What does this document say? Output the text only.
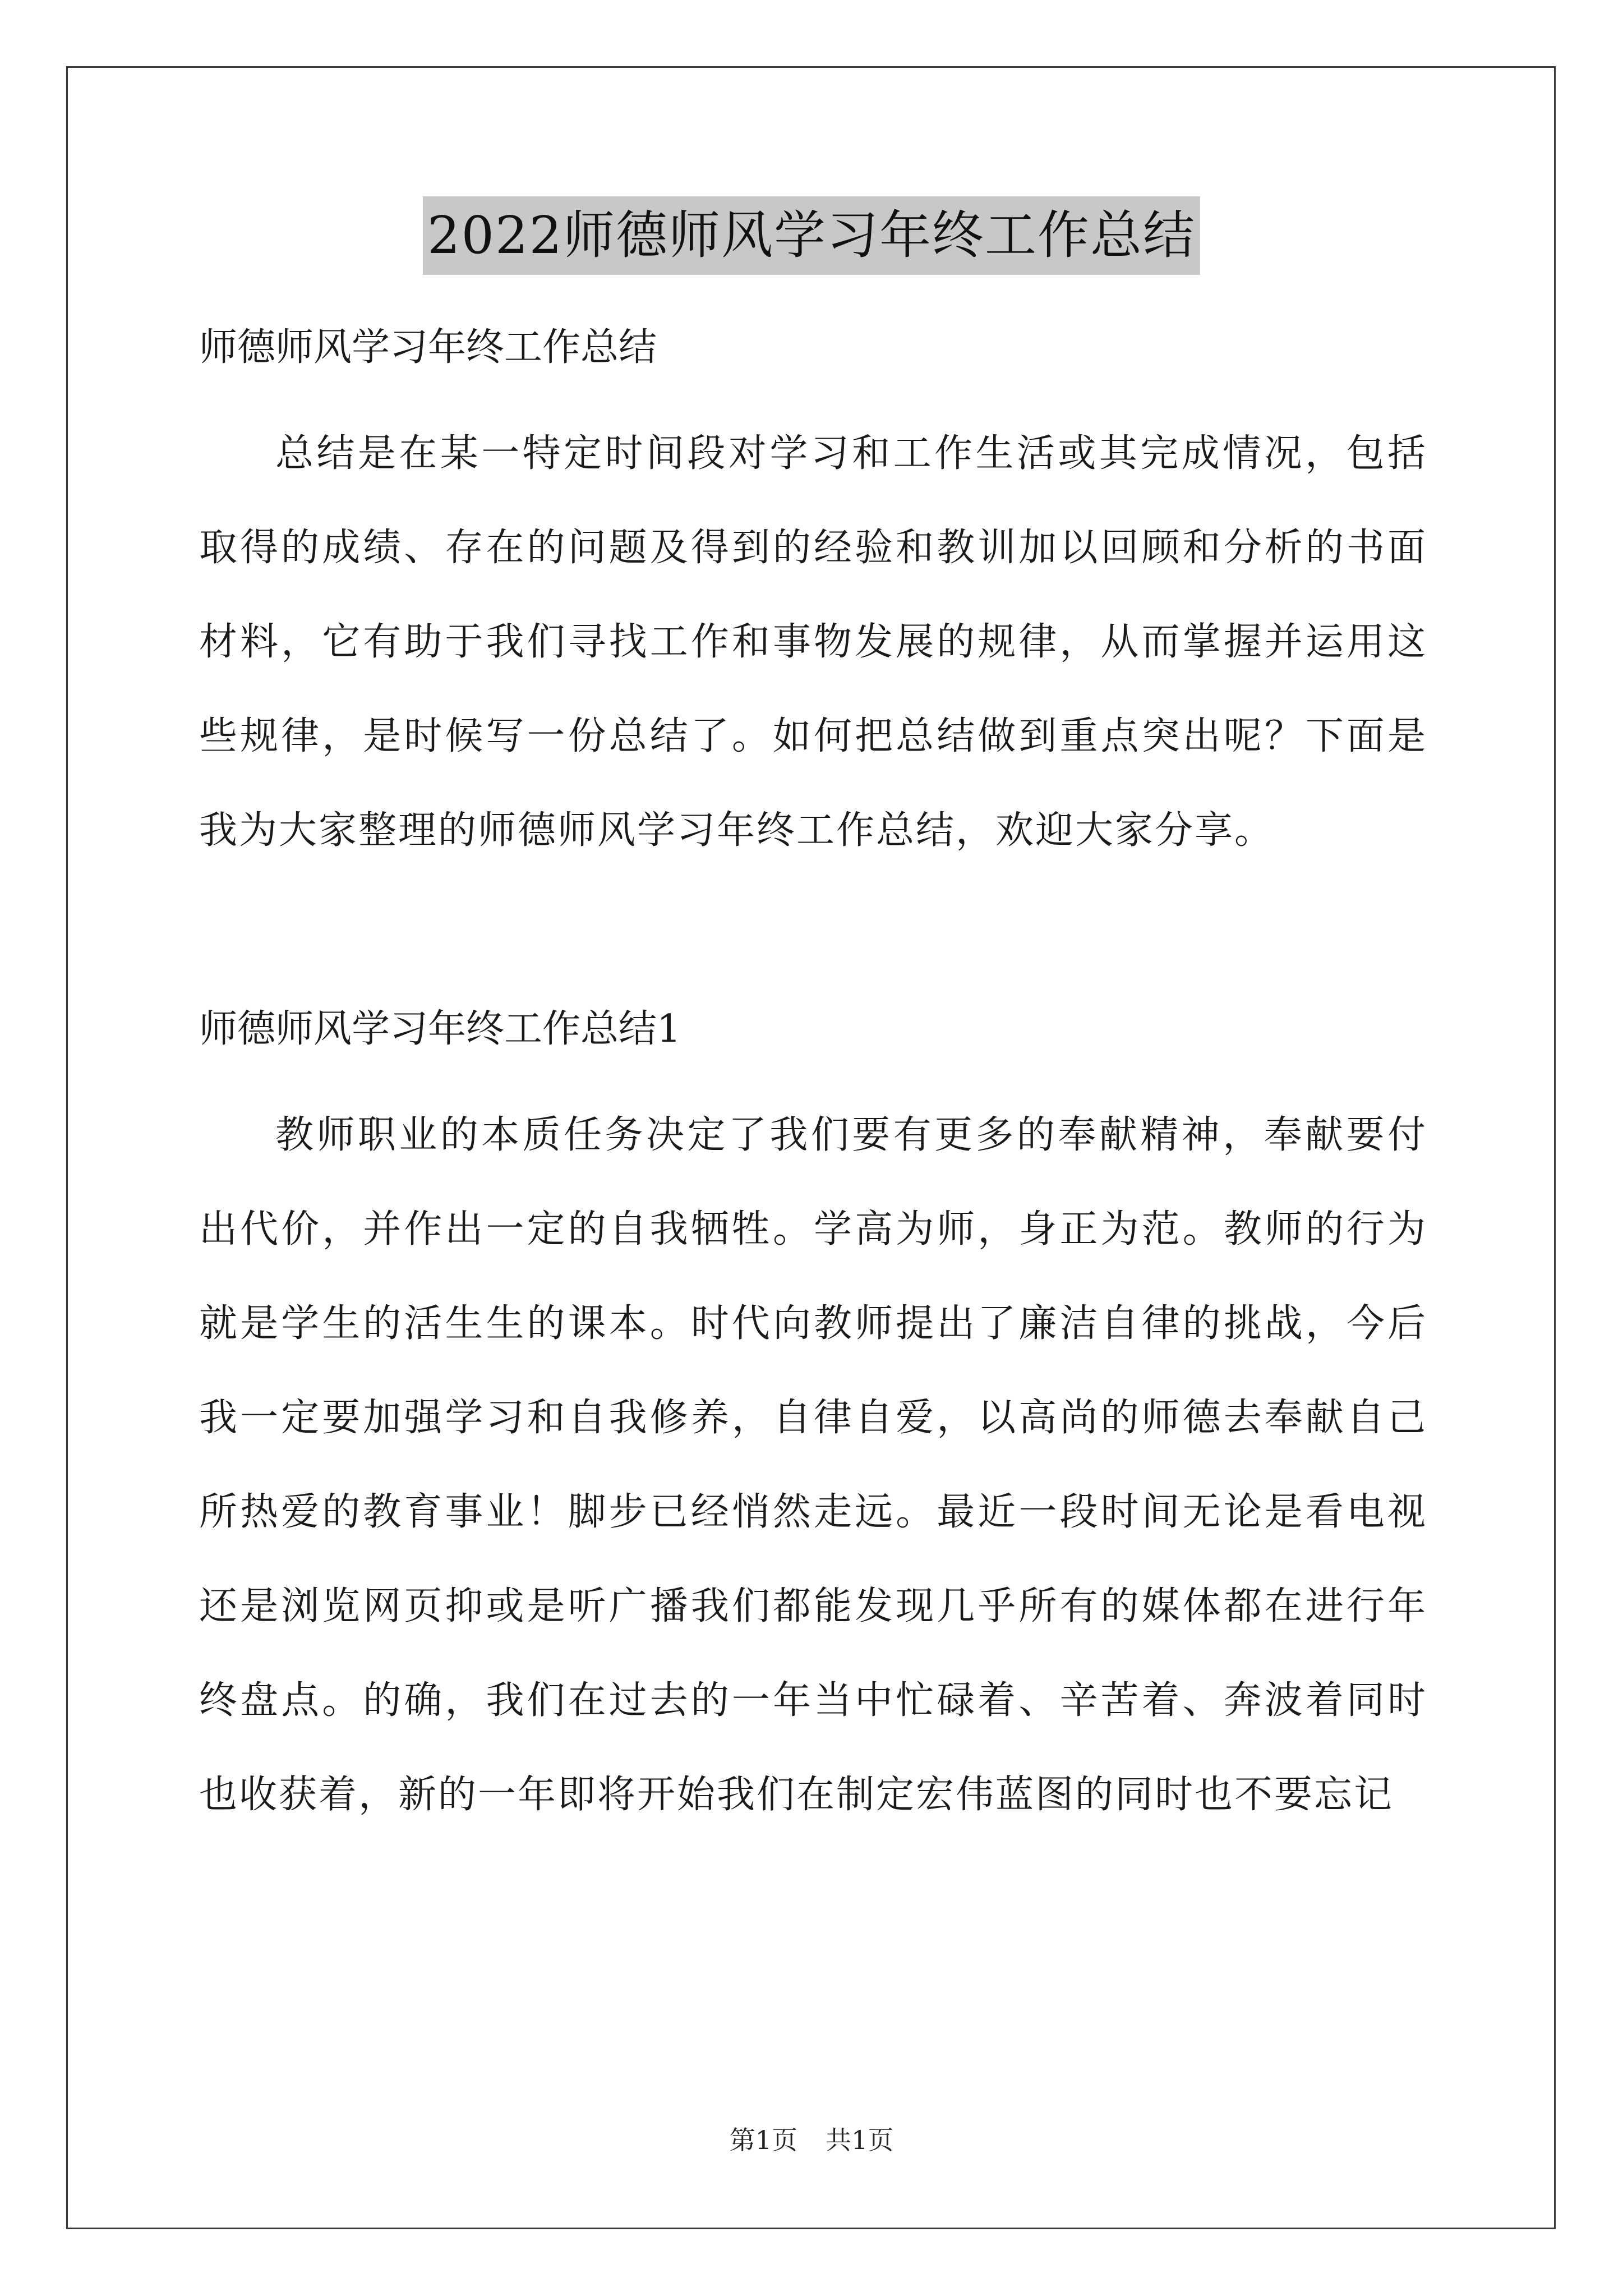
2022师德师风学习年终工作总结

师德师风学习年终工作总结

总结是在某一特定时间段对学习和工作生活或其完成情况，包括取得的成绩、存在的问题及得到的经验和教训加以回顾和分析的书面材料，它有助于我们寻找工作和事物发展的规律，从而掌握并运用这些规律，是时候写一份总结了。如何把总结做到重点突出呢？下面是我为大家整理的师德师风学习年终工作总结，欢迎大家分享。

师德师风学习年终工作总结1

教师职业的本质任务决定了我们要有更多的奉献精神，奉献要付出代价，并作出一定的自我牺牲。学高为师，身正为范。教师的行为就是学生的活生生的课本。时代向教师提出了廉洁自律的挑战，今后我一定要加强学习和自我修养，自律自爱，以高尚的师德去奉献自己所热爱的教育事业！脚步已经悄然走远。最近一段时间无论是看电视还是浏览网页抑或是听广播我们都能发现几乎所有的媒体都在进行年终盘点。的确，我们在过去的一年当中忙碌着、辛苦着、奔波着同时也收获着，新的一年即将开始我们在制定宏伟蓝图的同时也不要忘记

第1页 共1页
